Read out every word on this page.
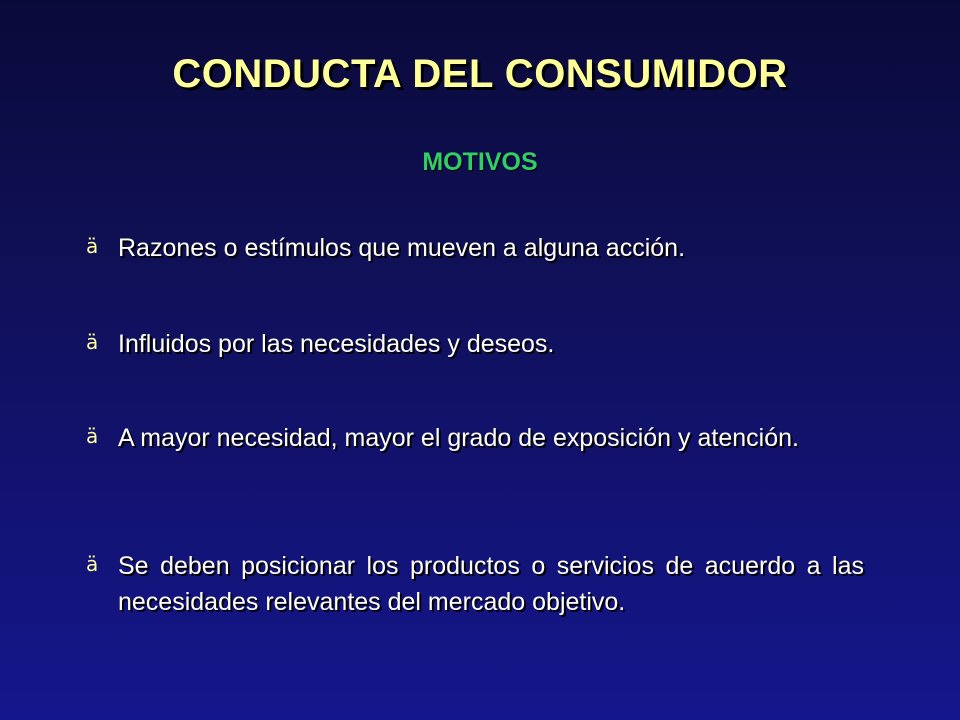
CONDUCTA DEL CONSUMIDOR
MOTIVOS
ä Razones o estímulos que mueven a alguna acción.
ä Influidos por las necesidades y deseos.
ä A mayor necesidad, mayor el grado de exposición y atención.
ä Se deben posicionar los productos o servicios de acuerdo a las necesidades relevantes del mercado objetivo.
